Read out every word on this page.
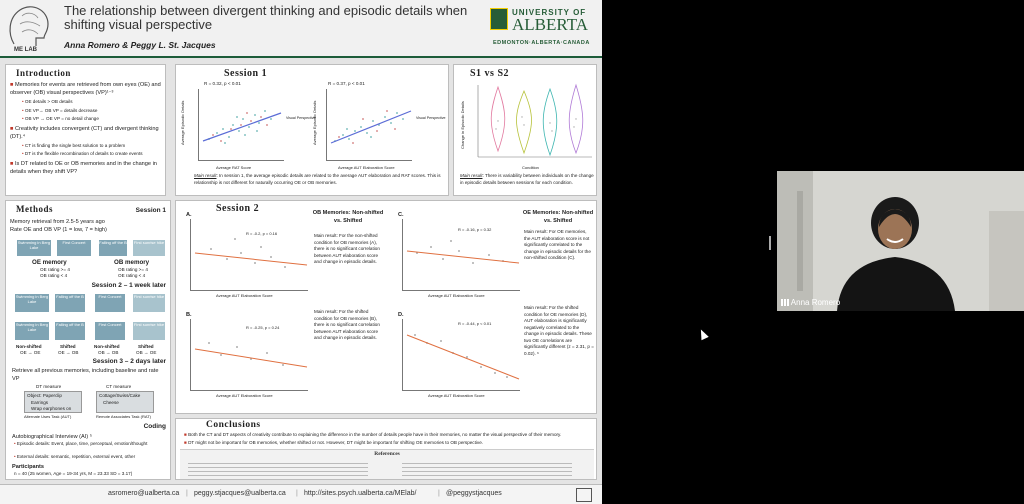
ME LAB
The relationship between divergent thinking and episodic details when shifting visual perspective
Anna Romero & Peggy L. St. Jacques
UNIVERSITY OF
ALBERTA
EDMONTON·ALBERTA·CANADA
Introduction
■ Memories for events are retrieved from own eyes (OE) and observer (OB) visual perspectives (VP)¹⁻³
• OE details > OB details
• OE VP→ OB VP = details decrease
• OB VP → OE VP = no detail change
■ Creativity includes convergent (CT) and divergent thinking (DT).⁴
• CT is finding the single best solution to a problem
• DT is the flexible recombination of details to create events
■ Is DT related to OE or OB memories and in the change in details when they shift VP?
Methods	Session 1
Memory retrieval from 2.5-5 years ago
Rate OE and OB VP (1 = low, 7 = high)
Swimming in Berg Lake
First Concert	Falling off the B	First sunrise hike
OE memory
OE rating >= 4
OB rating < 4
OB memory
OB rating >= 4
OE rating < 4
Session 2 – 1 week later
Swimming in Berg Lake
Falling off the B	First Concert	First sunrise hike
Swimming in Berg Lake
Falling off the B	First Concert	First sunrise hike
Non-shifted
OE → OE
Shifted
OE → OB
Non-shifted
OB → OB
Shifted
OB → OE
Session 3 – 2 days later
Retrieve all previous memories, including baseline and rate VP
DT measure	CT measure
Object: Paperclip
Earrings
Wrap earphones on
Cottage/Swiss/Cake
Cheese
Alternate Uses Task (AUT)	Remote Associates Task (RAT)
Coding
Autobiographical Interview (AI) ⁵
• Episodic details: Event, place, time, perceptual, emotion/thought
• External details: semantic, repetition, external event, other
Participants
n = 40 (25 women, Age = 19-34 yrs, M = 23.33 SD = 3.17)
Session 1
R = 0.32, p < 0.01
Average RAT Score
Average Episodic Details	Visual Perspective
R = 0.37, p < 0.01
Average AUT Elaboration Score
Average Episodic Details	Visual Perspective
Main result: In session 1, the average episodic details are related to the average AUT elaboration and RAT scores. This is relationship is not different for naturally occurring OE or OB memories.
S1 vs S2
Condition
Change in Episodic Details
Main result: There is variability between individuals on the change in episodic details between sessions for each condition.
Session 2
A.
R = -0.2, p = 0.16
Average AUT Elaboration Score
B.
R = -0.25, p = 0.24
Average AUT Elaboration Score
OB Memories: Non-shifted vs. Shifted
Main result: For the non-shifted condition for OB memories (A), there is no significant correlation between AUT elaboration score and change in episodic details.
Main result: For the shifted condition for OB memories (B), there is no significant correlation between AUT elaboration score and change in episodic details.
C.
R = -0.16, p = 0.32
Average AUT Elaboration Score
D.
R = -0.44, p < 0.01
Average AUT Elaboration Score
OE Memories: Non-shifted vs. Shifted
Main result: For OE memories, the AUT elaboration score is not significantly correlated to the change in episodic details for the non-shifted condition (C).
Main result: For the shifted condition for OE memories (D), AUT elaboration is significantly negatively correlated to the change in episodic details. These two OE correlations are significantly different (z = 2.31, p = 0.02). ⁶
Conclusions
■ Both the CT and DT aspects of creativity contribute to explaining the difference in the number of details people have in their memories, no matter the visual perspective of their memory.
■ DT might not be important for OB memories, whether shifted or not. However, DT might be important for shifting OE memories to OB perspective.
References
asromero@ualberta.ca | peggy.stjacques@ualberta.ca | http://sites.psych.ualberta.ca/MElab/	| @peggystjacques
Anna Romero
